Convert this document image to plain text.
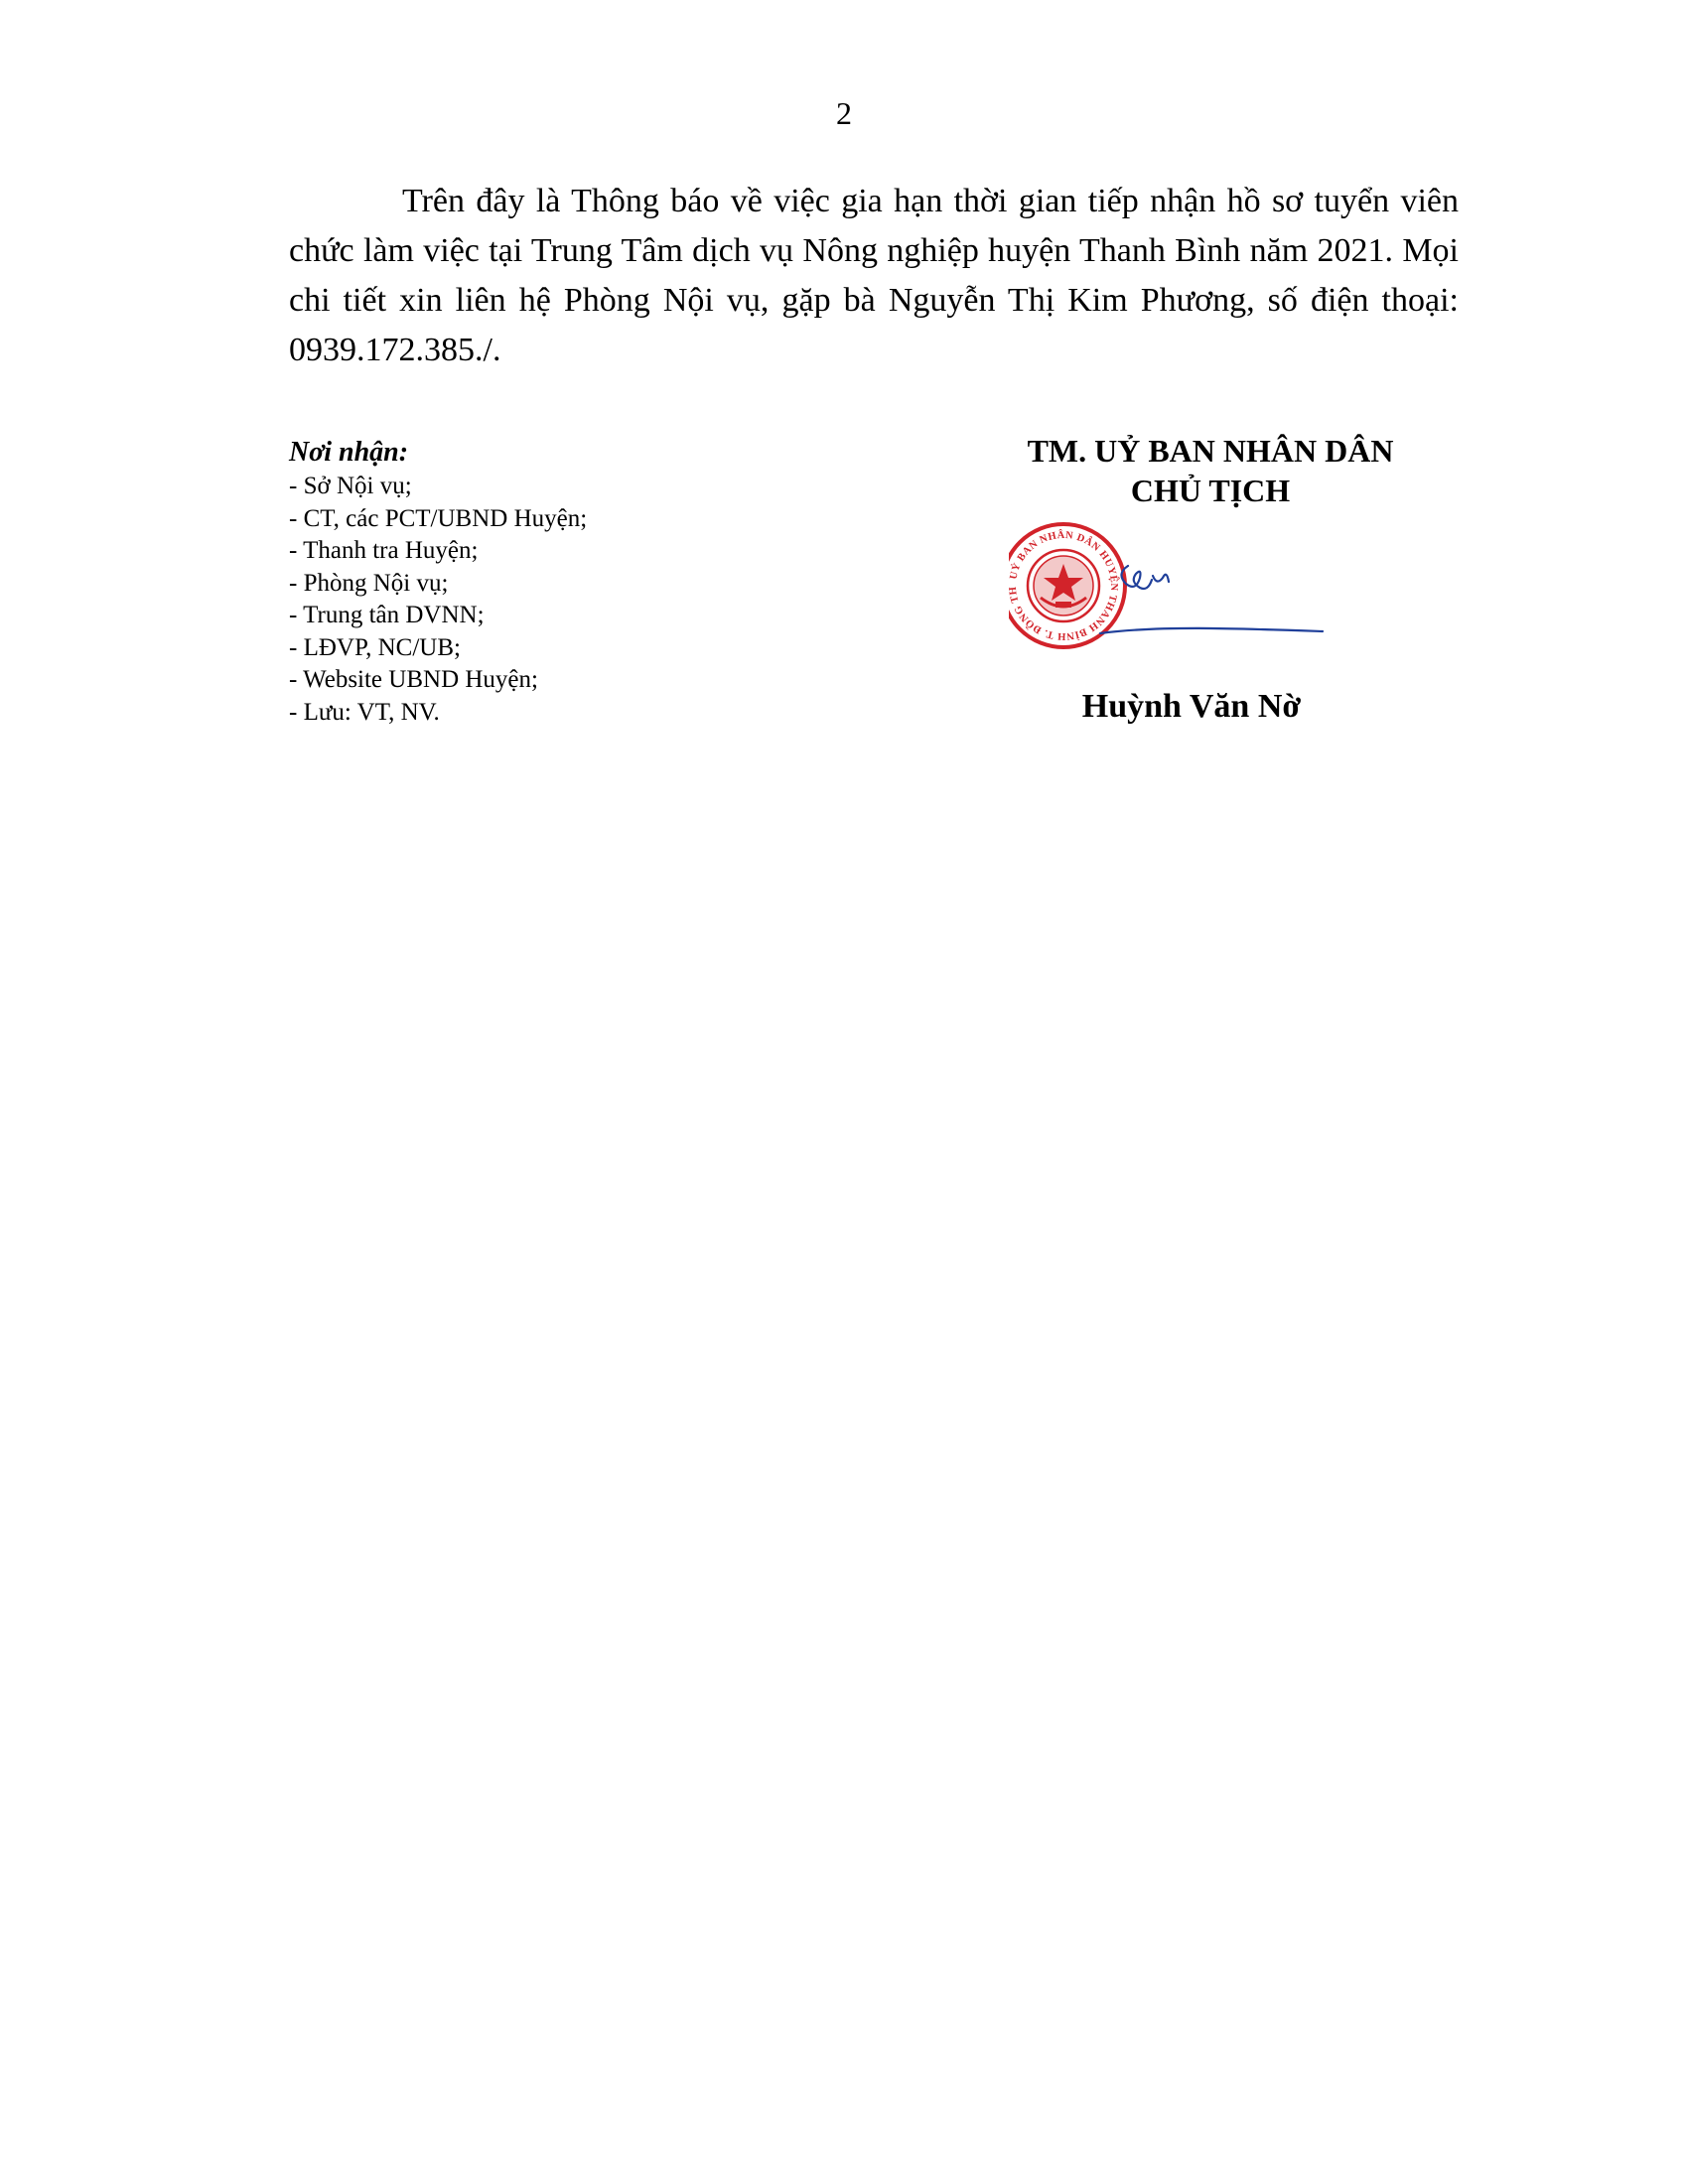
2

Trên đây là Thông báo về việc gia hạn thời gian tiếp nhận hồ sơ tuyển viên chức làm việc tại Trung Tâm dịch vụ Nông nghiệp huyện Thanh Bình năm 2021. Mọi chi tiết xin liên hệ Phòng Nội vụ, gặp bà Nguyễn Thị Kim Phương, số điện thoại: 0939.172.385./.

Nơi nhận:
- Sở Nội vụ;
- CT, các PCT/UBND Huyện;
- Thanh tra Huyện;
- Phòng Nội vụ;
- Trung tân DVNN;
- LĐVP, NC/UB;
- Website UBND Huyện;
- Lưu: VT, NV.
TM. UỶ BAN NHÂN DÂN
CHỦ TỊCH
UỶ BAN NHÂN DÂN HUYỆN THANH BÌNH T. ĐỒNG TH
Huỳnh Văn Nờ
